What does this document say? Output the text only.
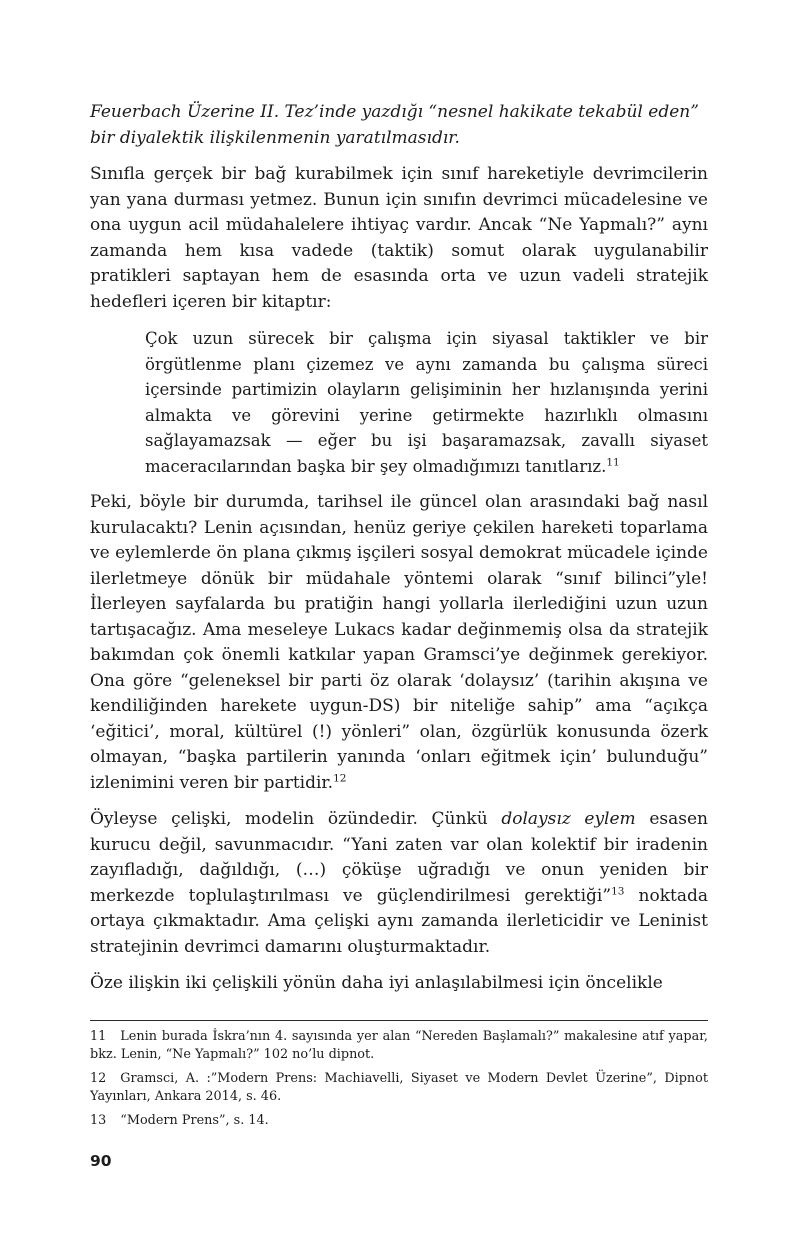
Feuerbach Üzerine II. Tez’inde yazdığı “nesnel hakikate tekabül eden” bir diyalektik ilişkilenmenin yaratılmasıdır.

Sınıfla gerçek bir bağ kurabilmek için sınıf hareketiyle devrimcilerin yan yana durması yetmez. Bunun için sınıfın devrimci mücadelesine ve ona uygun acil müdahalelere ihtiyaç vardır. Ancak “Ne Yapmalı?” aynı zamanda hem kısa vadede (taktik) somut olarak uygulanabilir pratikleri saptayan hem de esasında orta ve uzun vadeli stratejik hedefleri içeren bir kitaptır:

Çok uzun sürecek bir çalışma için siyasal taktikler ve bir örgütlenme planı çizemez ve aynı zamanda bu çalışma süreci içersinde partimizin olayların gelişiminin her hızlanışında yerini almakta ve görevini yerine getirmekte hazırlıklı olmasını sağlayamazsak — eğer bu işi başaramazsak, zavallı siyaset maceracılarından başka bir şey olmadığımızı tanıtlarız.$^{11}$

Peki, böyle bir durumda, tarihsel ile güncel olan arasındaki bağ nasıl kurulacaktı? Lenin açısından, henüz geriye çekilen hareketi toparlama ve eylemlerde ön plana çıkmış işçileri sosyal demokrat mücadele içinde ilerletmeye dönük bir müdahale yöntemi olarak “sınıf bilinci”yle! İlerleyen sayfalarda bu pratiğin hangi yollarla ilerlediğini uzun uzun tartışacağız. Ama meseleye Lukacs kadar değinmemiş olsa da stratejik bakımdan çok önemli katkılar yapan Gramsci’ye değinmek gerekiyor. Ona göre “geleneksel bir parti öz olarak ‘dolaysız’ (tarihin akışına ve kendiliğinden harekete uygun-DS) bir niteliğe sahip” ama “açıkça ‘eğitici’, moral, kültürel (!) yönleri” olan, özgürlük konusunda özerk olmayan, “başka partilerin yanında ‘onları eğitmek için’ bulunduğu” izlenimini veren bir partidir.$^{12}$

Öyleyse çelişki, modelin özündedir. Çünkü dolaysız eylem esasen kurucu değil, savunmacıdır. “Yani zaten var olan kolektif bir iradenin zayıfladığı, dağıldığı, (…) çöküşe uğradığı ve onun yeniden bir merkezde toplulaştırılması ve güçlendirilmesi gerektiği”$^{13}$ noktada ortaya çıkmaktadır. Ama çelişki aynı zamanda ilerleticidir ve Leninist stratejinin devrimci damarını oluşturmaktadır.

Öze ilişkin iki çelişkili yönün daha iyi anlaşılabilmesi için öncelikle

11 Lenin burada İskra’nın 4. sayısında yer alan “Nereden Başlamalı?” makalesine atıf yapar, bkz. Lenin, “Ne Yapmalı?” 102 no’lu dipnot.

12 Gramsci, A. :”Modern Prens: Machiavelli, Siyaset ve Modern Devlet Üzerine”, Dipnot Yayınları, Ankara 2014, s. 46.

13 “Modern Prens”, s. 14.

90
